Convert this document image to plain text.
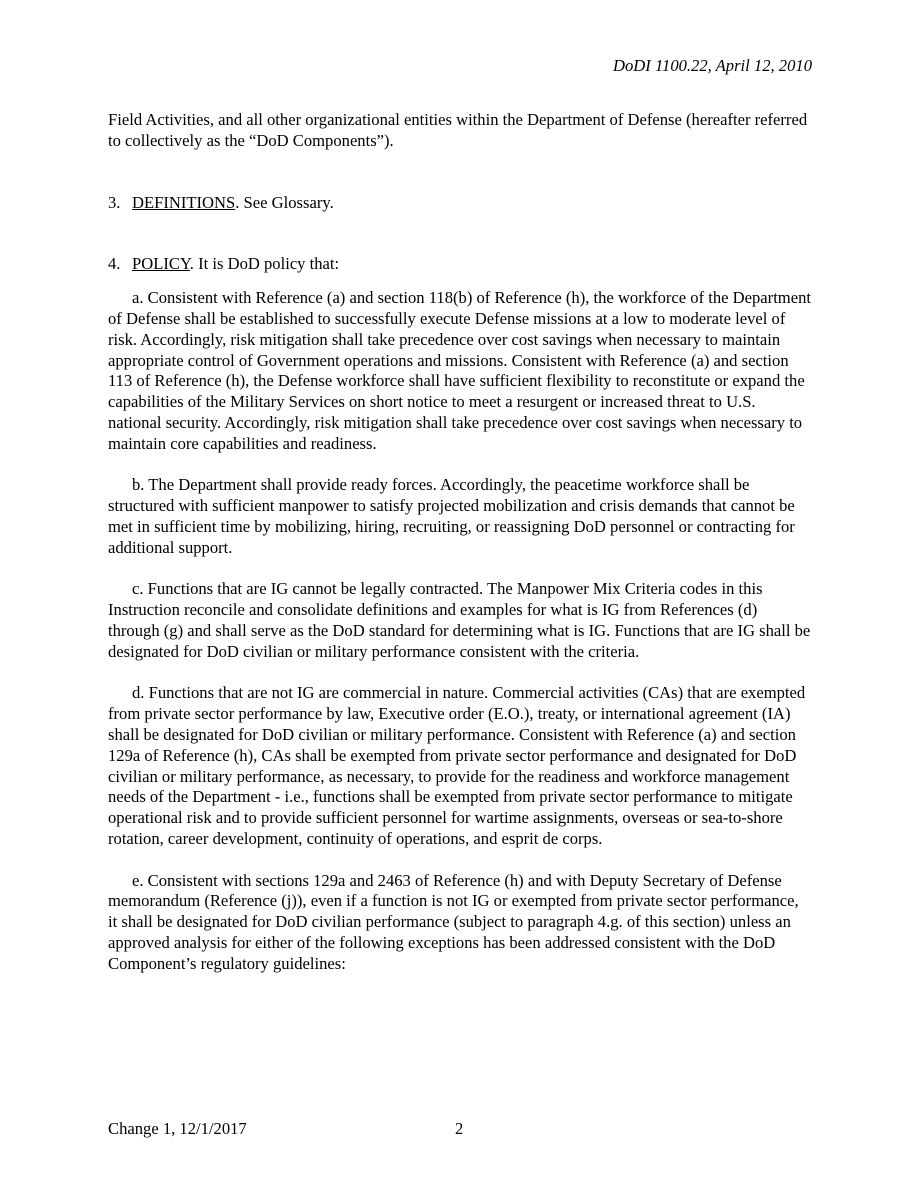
DoDI 1100.22, April 12, 2010

Field Activities, and all other organizational entities within the Department of Defense (hereafter referred to collectively as the “DoD Components”).

3. DEFINITIONS. See Glossary.

4. POLICY. It is DoD policy that:

a. Consistent with Reference (a) and section 118(b) of Reference (h), the workforce of the Department of Defense shall be established to successfully execute Defense missions at a low to moderate level of risk. Accordingly, risk mitigation shall take precedence over cost savings when necessary to maintain appropriate control of Government operations and missions. Consistent with Reference (a) and section 113 of Reference (h), the Defense workforce shall have sufficient flexibility to reconstitute or expand the capabilities of the Military Services on short notice to meet a resurgent or increased threat to U.S. national security. Accordingly, risk mitigation shall take precedence over cost savings when necessary to maintain core capabilities and readiness.

b. The Department shall provide ready forces. Accordingly, the peacetime workforce shall be structured with sufficient manpower to satisfy projected mobilization and crisis demands that cannot be met in sufficient time by mobilizing, hiring, recruiting, or reassigning DoD personnel or contracting for additional support.

c. Functions that are IG cannot be legally contracted. The Manpower Mix Criteria codes in this Instruction reconcile and consolidate definitions and examples for what is IG from References (d) through (g) and shall serve as the DoD standard for determining what is IG. Functions that are IG shall be designated for DoD civilian or military performance consistent with the criteria.

d. Functions that are not IG are commercial in nature. Commercial activities (CAs) that are exempted from private sector performance by law, Executive order (E.O.), treaty, or international agreement (IA) shall be designated for DoD civilian or military performance. Consistent with Reference (a) and section 129a of Reference (h), CAs shall be exempted from private sector performance and designated for DoD civilian or military performance, as necessary, to provide for the readiness and workforce management needs of the Department - i.e., functions shall be exempted from private sector performance to mitigate operational risk and to provide sufficient personnel for wartime assignments, overseas or sea-to-shore rotation, career development, continuity of operations, and esprit de corps.

e. Consistent with sections 129a and 2463 of Reference (h) and with Deputy Secretary of Defense memorandum (Reference (j)), even if a function is not IG or exempted from private sector performance, it shall be designated for DoD civilian performance (subject to paragraph 4.g. of this section) unless an approved analysis for either of the following exceptions has been addressed consistent with the DoD Component’s regulatory guidelines:

Change 1, 12/1/2017	2
